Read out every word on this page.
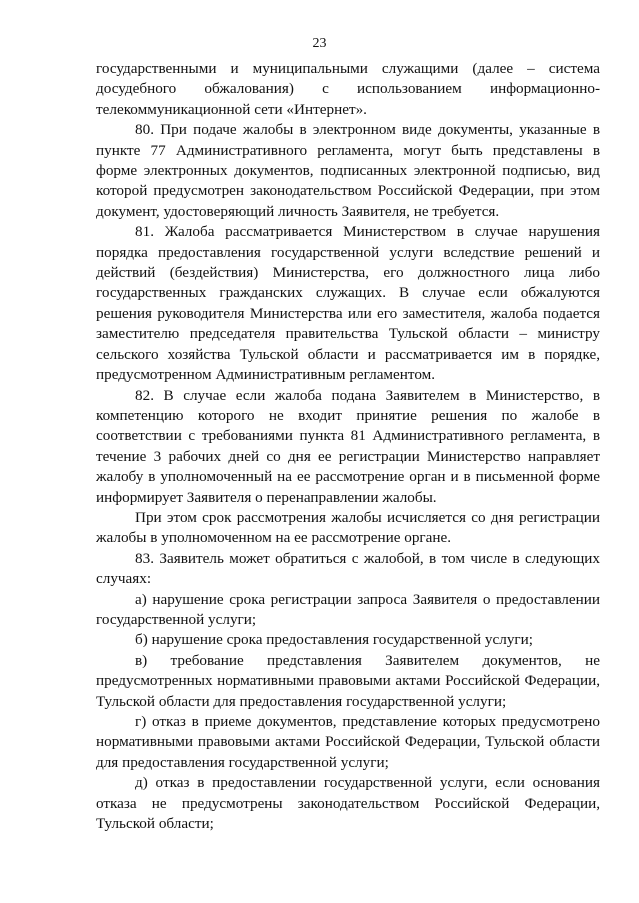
23

государственными и муниципальными служащими (далее – система досудебного обжалования) с использованием информационно-телекоммуникационной сети «Интернет».

80. При подаче жалобы в электронном виде документы, указанные в пункте 77 Административного регламента, могут быть представлены в форме электронных документов, подписанных электронной подписью, вид которой предусмотрен законодательством Российской Федерации, при этом документ, удостоверяющий личность Заявителя, не требуется.

81. Жалоба рассматривается Министерством в случае нарушения порядка предоставления государственной услуги вследствие решений и действий (бездействия) Министерства, его должностного лица либо государственных гражданских служащих. В случае если обжалуются решения руководителя Министерства или его заместителя, жалоба подается заместителю председателя правительства Тульской области – министру сельского хозяйства Тульской области и рассматривается им в порядке, предусмотренном Административным регламентом.

82. В случае если жалоба подана Заявителем в Министерство, в компетенцию которого не входит принятие решения по жалобе в соответствии с требованиями пункта 81 Административного регламента, в течение 3 рабочих дней со дня ее регистрации Министерство направляет жалобу в уполномоченный на ее рассмотрение орган и в письменной форме информирует Заявителя о перенаправлении жалобы.

При этом срок рассмотрения жалобы исчисляется со дня регистрации жалобы в уполномоченном на ее рассмотрение органе.

83. Заявитель может обратиться с жалобой, в том числе в следующих случаях:

а) нарушение срока регистрации запроса Заявителя о предоставлении государственной услуги;

б) нарушение срока предоставления государственной услуги;

в) требование представления Заявителем документов, не предусмотренных нормативными правовыми актами Российской Федерации, Тульской области для предоставления государственной услуги;

г) отказ в приеме документов, представление которых предусмотрено нормативными правовыми актами Российской Федерации, Тульской области для предоставления государственной услуги;

д) отказ в предоставлении государственной услуги, если основания отказа не предусмотрены законодательством Российской Федерации, Тульской области;
